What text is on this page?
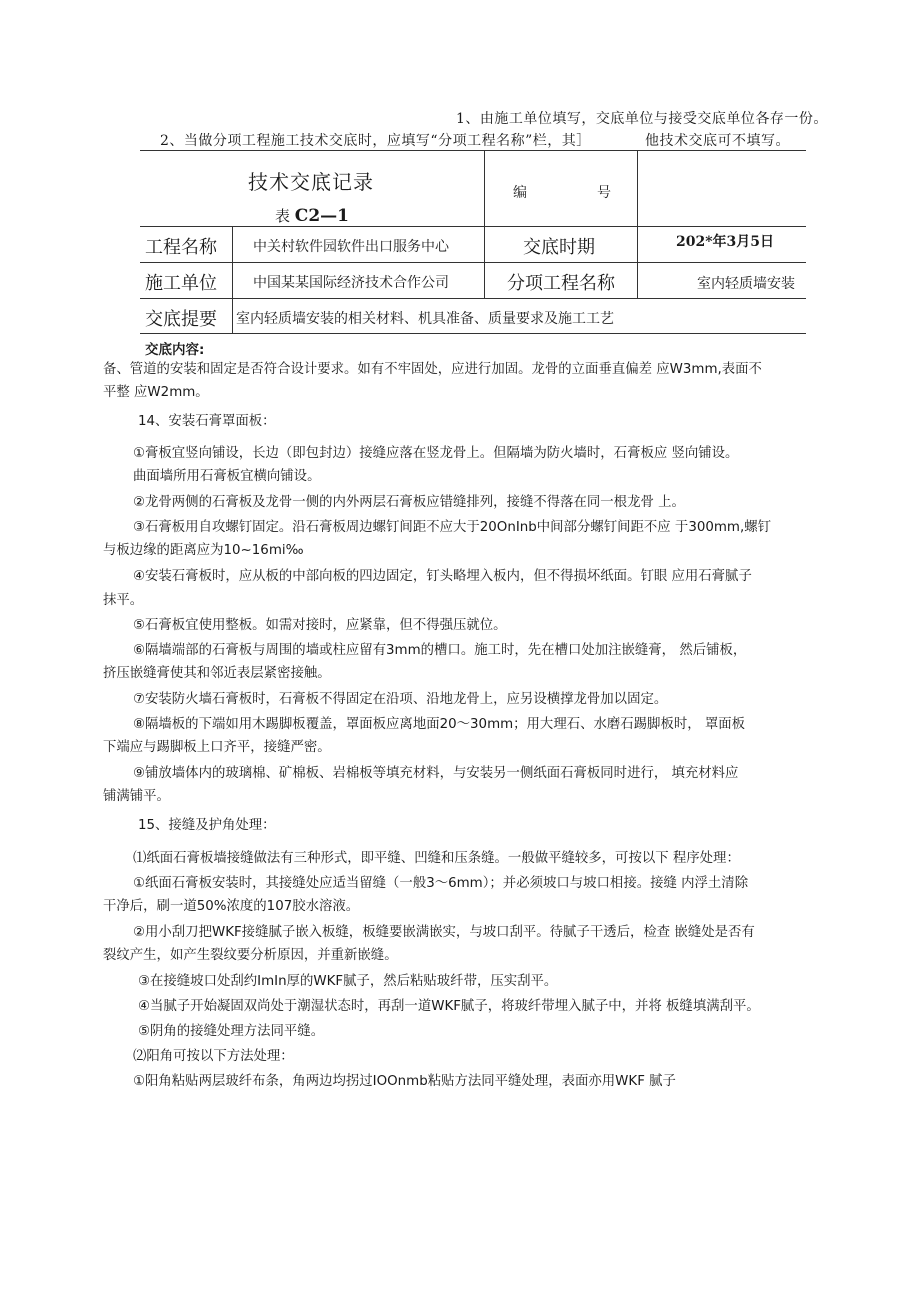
1、由施工单位填写，交底单位与接受交底单位各存一份。
2、当做分项工程施工技术交底时，应填写“分项工程名称”栏，其］	他技术交底可不填写。
技术交底记录
表 C2—1
编	号
工程名称	中关村软件园软件出口服务中心	交底时期	202*年3月5日
施工单位	中国某某国际经济技术合作公司	分项工程名称	室内轻质墙安装
交底提要 室内轻质墙安装的相关材料、机具准备、质量要求及施工工艺
交底内容:
备、管道的安装和固定是否符合设计要求。如有不牢固处，应进行加固。龙骨的立面垂直偏差 应W3mm,表面不
平整 应W2mm。
14、安装石膏罩面板：
①膏板宜竖向铺设，长边（即包封边）接缝应落在竖龙骨上。但隔墙为防火墙时，石膏板应 竖向铺设。
曲面墙所用石膏板宜横向铺设。
②龙骨两侧的石膏板及龙骨一侧的内外两层石膏板应错缝排列，接缝不得落在同一根龙骨 上。
③石膏板用自攻螺钉固定。沿石膏板周边螺钉间距不应大于20OnInb中间部分螺钉间距不应 于300mm,螺钉
与板边缘的距离应为10~16mi‰
④安装石膏板时，应从板的中部向板的四边固定，钉头略埋入板内，但不得损坏纸面。钉眼 应用石膏腻子
抹平。
⑤石膏板宜使用整板。如需对接时，应紧靠，但不得强压就位。
⑥隔墙端部的石膏板与周围的墙或柱应留有3mm的槽口。施工时，先在槽口处加注嵌缝膏， 然后铺板，
挤压嵌缝膏使其和邻近表层紧密接触。
⑦安装防火墙石膏板时，石膏板不得固定在沿项、沿地龙骨上，应另设横撑龙骨加以固定。
⑧隔墙板的下端如用木踢脚板覆盖，罩面板应离地面20～30mm；用大理石、水磨石踢脚板时， 罩面板
下端应与踢脚板上口齐平，接缝严密。
⑨铺放墙体内的玻璃棉、矿棉板、岩棉板等填充材料，与安装另一侧纸面石膏板同时进行， 填充材料应
铺满铺平。
15、接缝及护角处理：
⑴纸面石膏板墙接缝做法有三种形式，即平缝、凹缝和压条缝。一般做平缝较多，可按以下 程序处理：
①纸面石膏板安装时，其接缝处应适当留缝（一般3～6mm）；并必须坡口与坡口相接。接缝 内浮土清除
干净后，刷一道50%浓度的107胶水溶液。
②用小刮刀把WKF接缝腻子嵌入板缝，板缝要嵌满嵌实，与坡口刮平。待腻子干透后，检查 嵌缝处是否有
裂纹产生，如产生裂纹要分析原因，并重新嵌缝。
③在接缝坡口处刮约ImIn厚的WKF腻子，然后粘贴玻纤带，压实刮平。
④当腻子开始凝固双尚处于潮湿状态时，再刮一道WKF腻子，将玻纤带埋入腻子中，并将 板缝填满刮平。
⑤阴角的接缝处理方法同平缝。
⑵阳角可按以下方法处理：
①阳角粘贴两层玻纤布条，角两边均拐过IOOnmb粘贴方法同平缝处理，表面亦用WKF 腻子
